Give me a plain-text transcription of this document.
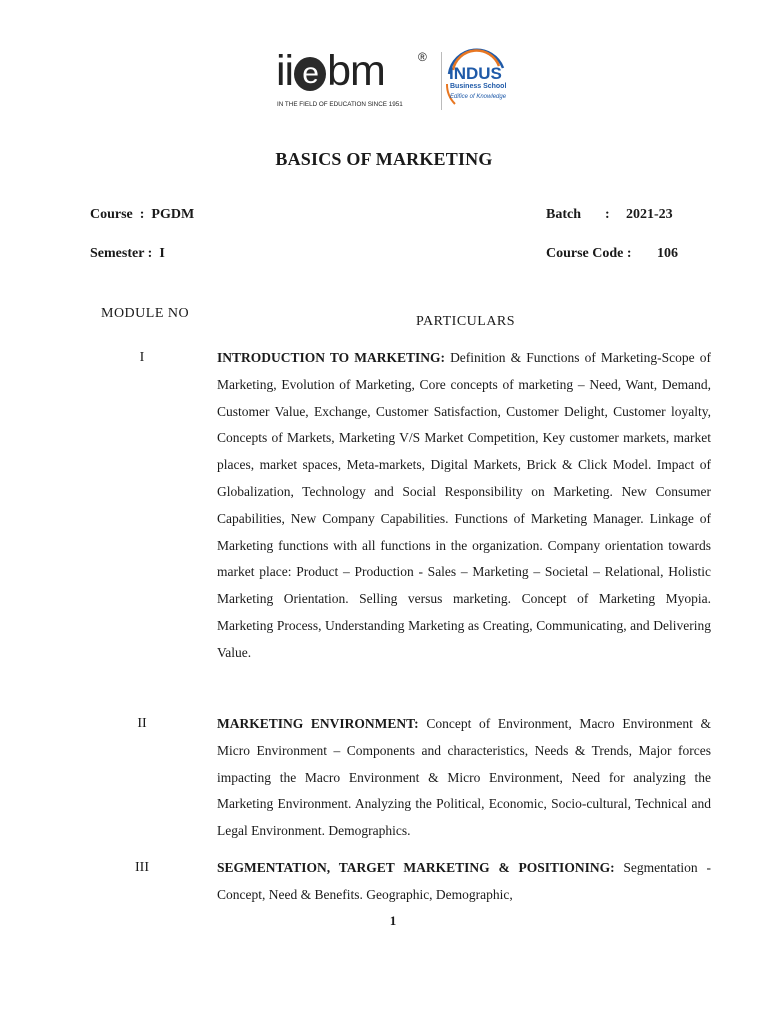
ii e bm	®
IN THE FIELD OF EDUCATION SINCE 1951
INDUS
Business School
Edifice of Knowledge
BASICS OF MARKETING
Course  :  PGDM	Batch : 2021-23
Semester :  I	Course Code : 106
MODULE NO
PARTICULARS
I	INTRODUCTION TO MARKETING: Definition & Functions of Marketing-Scope of Marketing, Evolution of Marketing, Core concepts of marketing – Need, Want, Demand, Customer Value, Exchange, Customer Satisfaction, Customer Delight, Customer loyalty, Concepts of Markets, Marketing V/S Market Competition, Key customer markets, market places, market spaces, Meta-markets, Digital Markets, Brick & Click Model. Impact of Globalization, Technology and Social Responsibility on Marketing. New Consumer Capabilities, New Company Capabilities. Functions of Marketing Manager. Linkage of Marketing functions with all functions in the organization. Company orientation towards market place: Product – Production - Sales – Marketing – Societal – Relational, Holistic Marketing Orientation. Selling versus marketing. Concept of Marketing Myopia. Marketing Process, Understanding Marketing as Creating, Communicating, and Delivering Value.
II	MARKETING ENVIRONMENT: Concept of Environment, Macro Environment & Micro Environment – Components and characteristics, Needs & Trends, Major forces impacting the Macro Environment & Micro Environment, Need for analyzing the Marketing Environment. Analyzing the Political, Economic, Socio-cultural, Technical and Legal Environment. Demographics.
III	SEGMENTATION, TARGET MARKETING & POSITIONING: Segmentation - Concept, Need & Benefits. Geographic, Demographic,
1
